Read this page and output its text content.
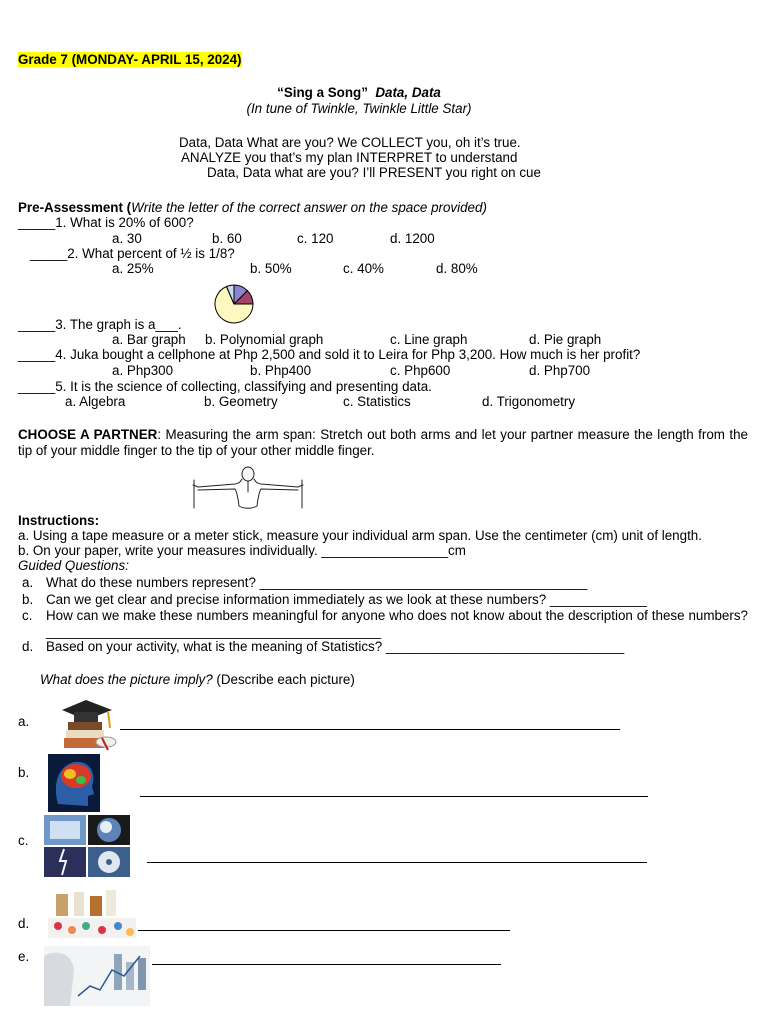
Grade 7 (MONDAY- APRIL 15, 2024)
“Sing a Song” Data, Data
(In tune of Twinkle, Twinkle Little Star)
Data, Data What are you? We COLLECT you, oh it’s true.
ANALYZE you that’s my plan INTERPRET to understand
Data, Data what are you? I’ll PRESENT you right on cue
Pre-Assessment (Write the letter of the correct answer on the space provided)
_____1. What is 20% of 600?
a. 30	b. 60	c. 120	d. 1200
_____2. What percent of ½ is 1/8?
a. 25%	b. 50%	c. 40%	d. 80%
_____3. The graph is a___.
a. Bar graph b. Polynomial graph	c. Line graph	d. Pie graph
_____4. Juka bought a cellphone at Php 2,500 and sold it to Leira for Php 3,200. How much is her profit?
a. Php300	b. Php400	c. Php600	d. Php700
_____5. It is the science of collecting, classifying and presenting data.
a. Algebra	b. Geometry	c. Statistics	d. Trigonometry
CHOOSE A PARTNER: Measuring the arm span: Stretch out both arms and let your partner measure the length from the tip of your middle finger to the tip of your other middle finger.
Instructions:
a. Using a tape measure or a meter stick, measure your individual arm span. Use the centimeter (cm) unit of length.
b. On your paper, write your measures individually. _________________cm
Guided Questions:
a. What do these numbers represent? ____________________________________________
b. Can we get clear and precise information immediately as we look at these numbers? _____________
c. How can we make these numbers meaningful for anyone who does not know about the description of these numbers? _____________________________________________
d. Based on your activity, what is the meaning of Statistics? ________________________________
What does the picture imply? (Describe each picture)
a.
b.
c.
d.
e.
